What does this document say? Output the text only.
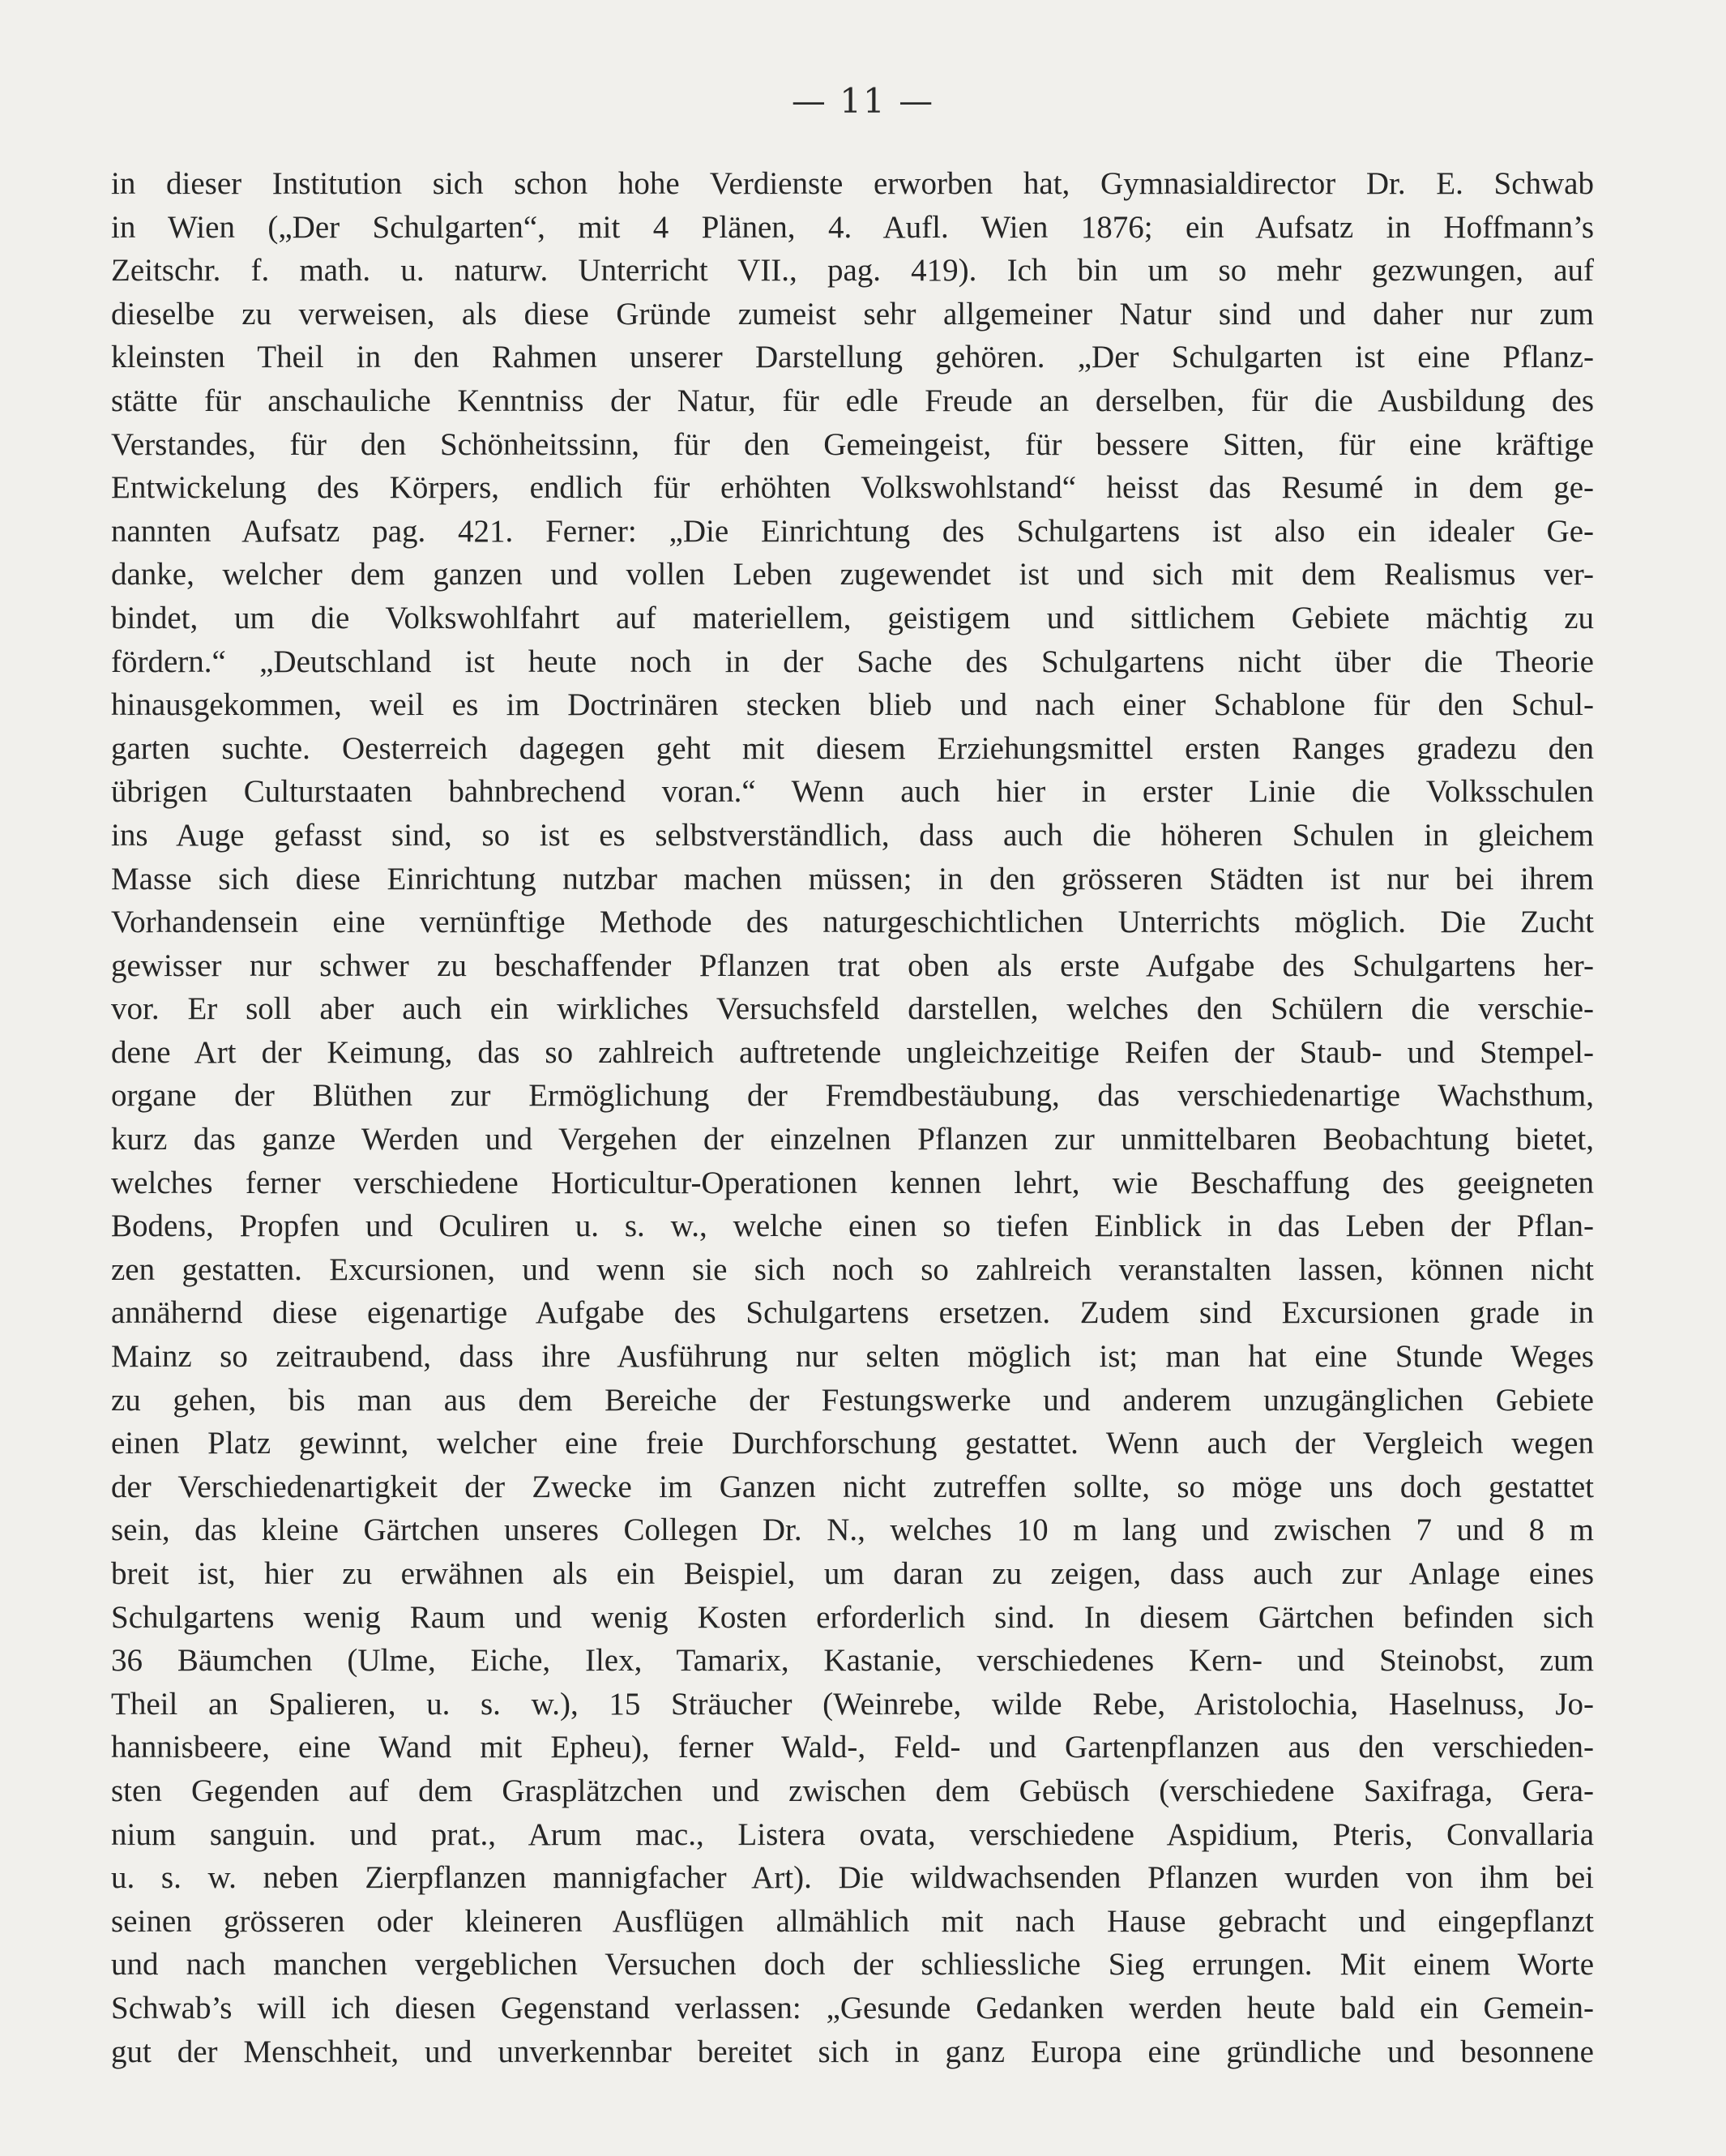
— 11 —
in dieser Institution sich schon hohe Verdienste erworben hat, Gymnasialdirector Dr. E. Schwab
in Wien („Der Schulgarten“, mit 4 Plänen, 4. Aufl. Wien 1876; ein Aufsatz in Hoffmann’s
Zeitschr. f. math. u. naturw. Unterricht VII., pag. 419). Ich bin um so mehr gezwungen, auf
dieselbe zu verweisen, als diese Gründe zumeist sehr allgemeiner Natur sind und daher nur zum
kleinsten Theil in den Rahmen unserer Darstellung gehören. „Der Schulgarten ist eine Pflanz-
stätte für anschauliche Kenntniss der Natur, für edle Freude an derselben, für die Ausbildung des
Verstandes, für den Schönheitssinn, für den Gemeingeist, für bessere Sitten, für eine kräftige
Entwickelung des Körpers, endlich für erhöhten Volkswohlstand“ heisst das Resumé in dem ge-
nannten Aufsatz pag. 421. Ferner: „Die Einrichtung des Schulgartens ist also ein idealer Ge-
danke, welcher dem ganzen und vollen Leben zugewendet ist und sich mit dem Realismus ver-
bindet, um die Volkswohlfahrt auf materiellem, geistigem und sittlichem Gebiete mächtig zu
fördern.“ „Deutschland ist heute noch in der Sache des Schulgartens nicht über die Theorie
hinausgekommen, weil es im Doctrinären stecken blieb und nach einer Schablone für den Schul-
garten suchte. Oesterreich dagegen geht mit diesem Erziehungsmittel ersten Ranges gradezu den
übrigen Culturstaaten bahnbrechend voran.“ Wenn auch hier in erster Linie die Volksschulen
ins Auge gefasst sind, so ist es selbstverständlich, dass auch die höheren Schulen in gleichem
Masse sich diese Einrichtung nutzbar machen müssen; in den grösseren Städten ist nur bei ihrem
Vorhandensein eine vernünftige Methode des naturgeschichtlichen Unterrichts möglich. Die Zucht
gewisser nur schwer zu beschaffender Pflanzen trat oben als erste Aufgabe des Schulgartens her-
vor. Er soll aber auch ein wirkliches Versuchsfeld darstellen, welches den Schülern die verschie-
dene Art der Keimung, das so zahlreich auftretende ungleichzeitige Reifen der Staub- und Stempel-
organe der Blüthen zur Ermöglichung der Fremdbestäubung, das verschiedenartige Wachsthum,
kurz das ganze Werden und Vergehen der einzelnen Pflanzen zur unmittelbaren Beobachtung bietet,
welches ferner verschiedene Horticultur-Operationen kennen lehrt, wie Beschaffung des geeigneten
Bodens, Propfen und Oculiren u. s. w., welche einen so tiefen Einblick in das Leben der Pflan-
zen gestatten. Excursionen, und wenn sie sich noch so zahlreich veranstalten lassen, können nicht
annähernd diese eigenartige Aufgabe des Schulgartens ersetzen. Zudem sind Excursionen grade in
Mainz so zeitraubend, dass ihre Ausführung nur selten möglich ist; man hat eine Stunde Weges
zu gehen, bis man aus dem Bereiche der Festungswerke und anderem unzugänglichen Gebiete
einen Platz gewinnt, welcher eine freie Durchforschung gestattet. Wenn auch der Vergleich wegen
der Verschiedenartigkeit der Zwecke im Ganzen nicht zutreffen sollte, so möge uns doch gestattet
sein, das kleine Gärtchen unseres Collegen Dr. N., welches 10 m lang und zwischen 7 und 8 m
breit ist, hier zu erwähnen als ein Beispiel, um daran zu zeigen, dass auch zur Anlage eines
Schulgartens wenig Raum und wenig Kosten erforderlich sind. In diesem Gärtchen befinden sich
36 Bäumchen (Ulme, Eiche, Ilex, Tamarix, Kastanie, verschiedenes Kern- und Steinobst, zum
Theil an Spalieren, u. s. w.), 15 Sträucher (Weinrebe, wilde Rebe, Aristolochia, Haselnuss, Jo-
hannisbeere, eine Wand mit Epheu), ferner Wald-, Feld- und Gartenpflanzen aus den verschieden-
sten Gegenden auf dem Grasplätzchen und zwischen dem Gebüsch (verschiedene Saxifraga, Gera-
nium sanguin. und prat., Arum mac., Listera ovata, verschiedene Aspidium, Pteris, Convallaria
u. s. w. neben Zierpflanzen mannigfacher Art). Die wildwachsenden Pflanzen wurden von ihm bei
seinen grösseren oder kleineren Ausflügen allmählich mit nach Hause gebracht und eingepflanzt
und nach manchen vergeblichen Versuchen doch der schliessliche Sieg errungen. Mit einem Worte
Schwab’s will ich diesen Gegenstand verlassen: „Gesunde Gedanken werden heute bald ein Gemein-
gut der Menschheit, und unverkennbar bereitet sich in ganz Europa eine gründliche und besonnene
